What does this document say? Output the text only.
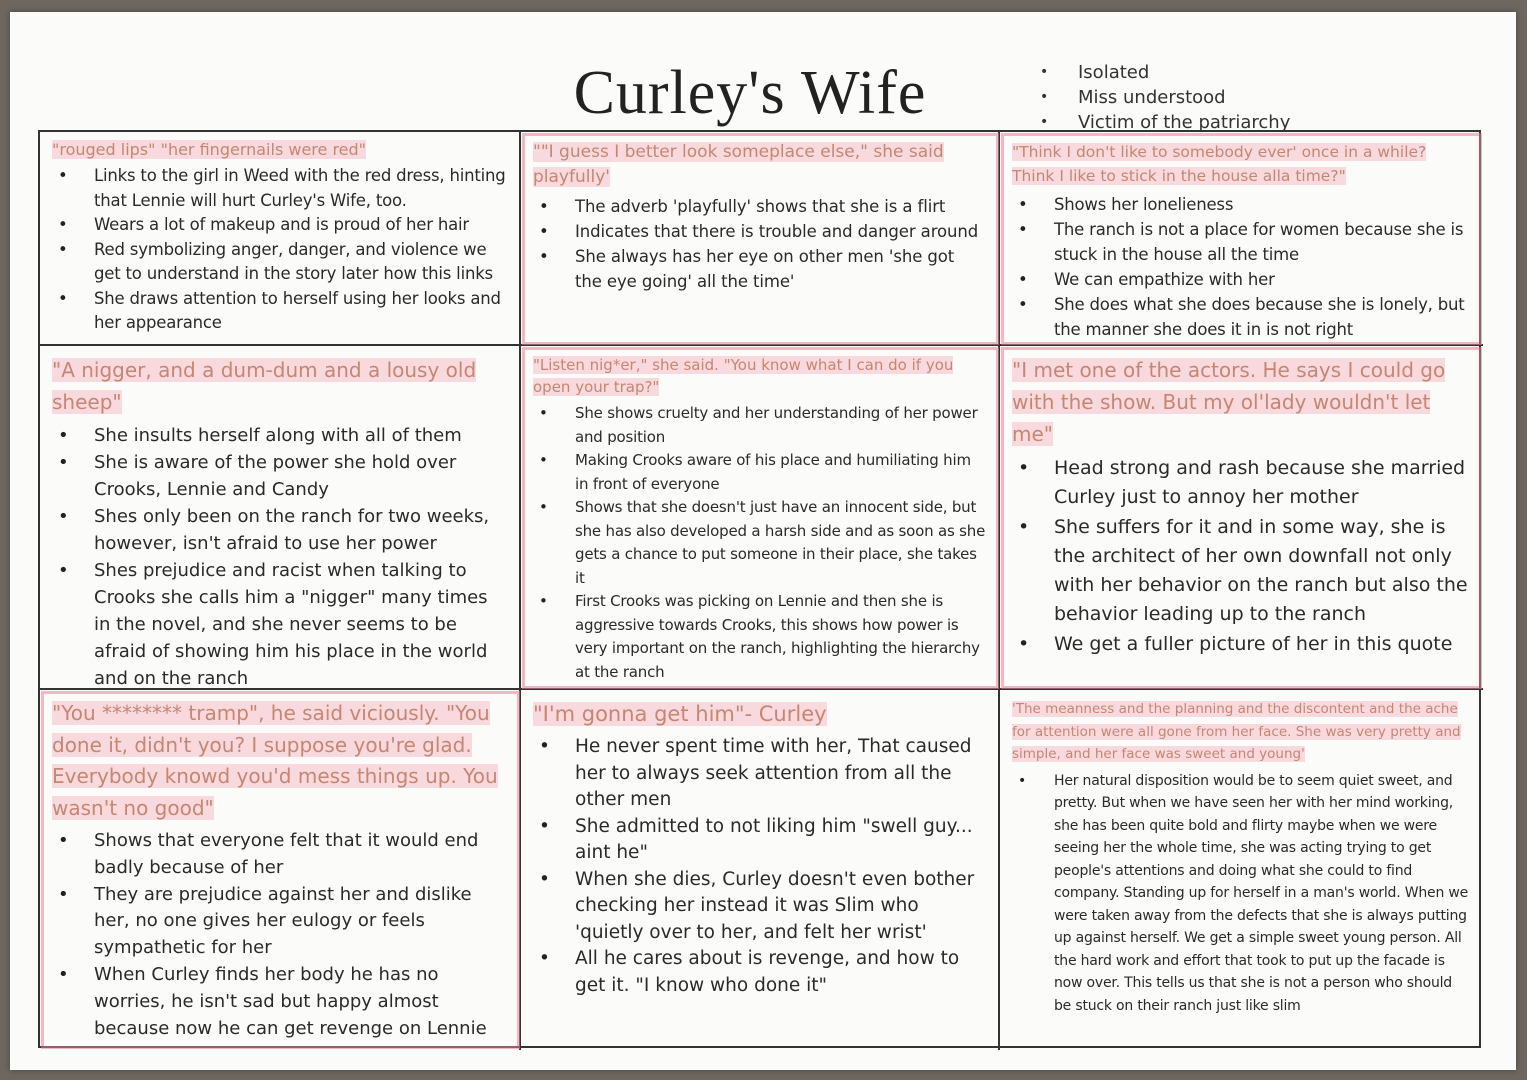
Curley's Wife
•	Isolated
• Miss understood
• Victim of the patriarchy

"rouged lips" "her fingernails were red"

• Links to the girl in Weed with the red dress, hinting that Lennie will hurt Curley's Wife, too.
• Wears a lot of makeup and is proud of her hair
• Red symbolizing anger, danger, and violence we get to understand in the story later how this links
• She draws attention to herself using her looks and her appearance

""I guess I better look someplace else," she said playfully'

• The adverb 'playfully' shows that she is a flirt
• Indicates that there is trouble and danger around
• She always has her eye on other men 'she got the eye going' all the time'

"Think I don't like to somebody ever' once in a while? Think I like to stick in the house alla time?"

• Shows her lonelieness
• The ranch is not a place for women because she is stuck in the house all the time
• We can empathize with her
• She does what she does because she is lonely, but the manner she does it in is not right

"A nigger, and a dum-dum and a lousy old sheep"

• She insults herself along with all of them
• She is aware of the power she hold over Crooks, Lennie and Candy
• Shes only been on the ranch for two weeks, however, isn't afraid to use her power
• Shes prejudice and racist when talking to Crooks she calls him a "nigger" many times in the novel, and she never seems to be afraid of showing him his place in the world and on the ranch

"Listen nig*er," she said. "You know what I can do if you open your trap?"

• She shows cruelty and her understanding of her power and position
• Making Crooks aware of his place and humiliating him in front of everyone
• Shows that she doesn't just have an innocent side, but she has also developed a harsh side and as soon as she gets a chance to put someone in their place, she takes it
• First Crooks was picking on Lennie and then she is aggressive towards Crooks, this shows how power is very important on the ranch, highlighting the hierarchy at the ranch

"I met one of the actors. He says I could go with the show. But my ol'lady wouldn't let me"

• Head strong and rash because she married Curley just to annoy her mother
• She suffers for it and in some way, she is the architect of her own downfall not only with her behavior on the ranch but also the behavior leading up to the ranch
• We get a fuller picture of her in this quote

"You ******** tramp", he said viciously. "You done it, didn't you? I suppose you're glad. Everybody knowd you'd mess things up. You wasn't no good"

• Shows that everyone felt that it would end badly because of her
• They are prejudice against her and dislike her, no one gives her eulogy or feels sympathetic for her
• When Curley finds her body he has no worries, he isn't sad but happy almost because now he can get revenge on Lennie

"I'm gonna get him"- Curley

• He never spent time with her, That caused her to always seek attention from all the other men
• She admitted to not liking him "swell guy... aint he"
• When she dies, Curley doesn't even bother checking her instead it was Slim who 'quietly over to her, and felt her wrist'
• All he cares about is revenge, and how to get it. "I know who done it"

'The meanness and the planning and the discontent and the ache for attention were all gone from her face. She was very pretty and simple, and her face was sweet and young'

• Her natural disposition would be to seem quiet sweet, and pretty. But when we have seen her with her mind working, she has been quite bold and flirty maybe when we were seeing her the whole time, she was acting trying to get people's attentions and doing what she could to find company. Standing up for herself in a man's world. When we were taken away from the defects that she is always putting up against herself. We get a simple sweet young person. All the hard work and effort that took to put up the facade is now over. This tells us that she is not a person who should be stuck on their ranch just like slim
